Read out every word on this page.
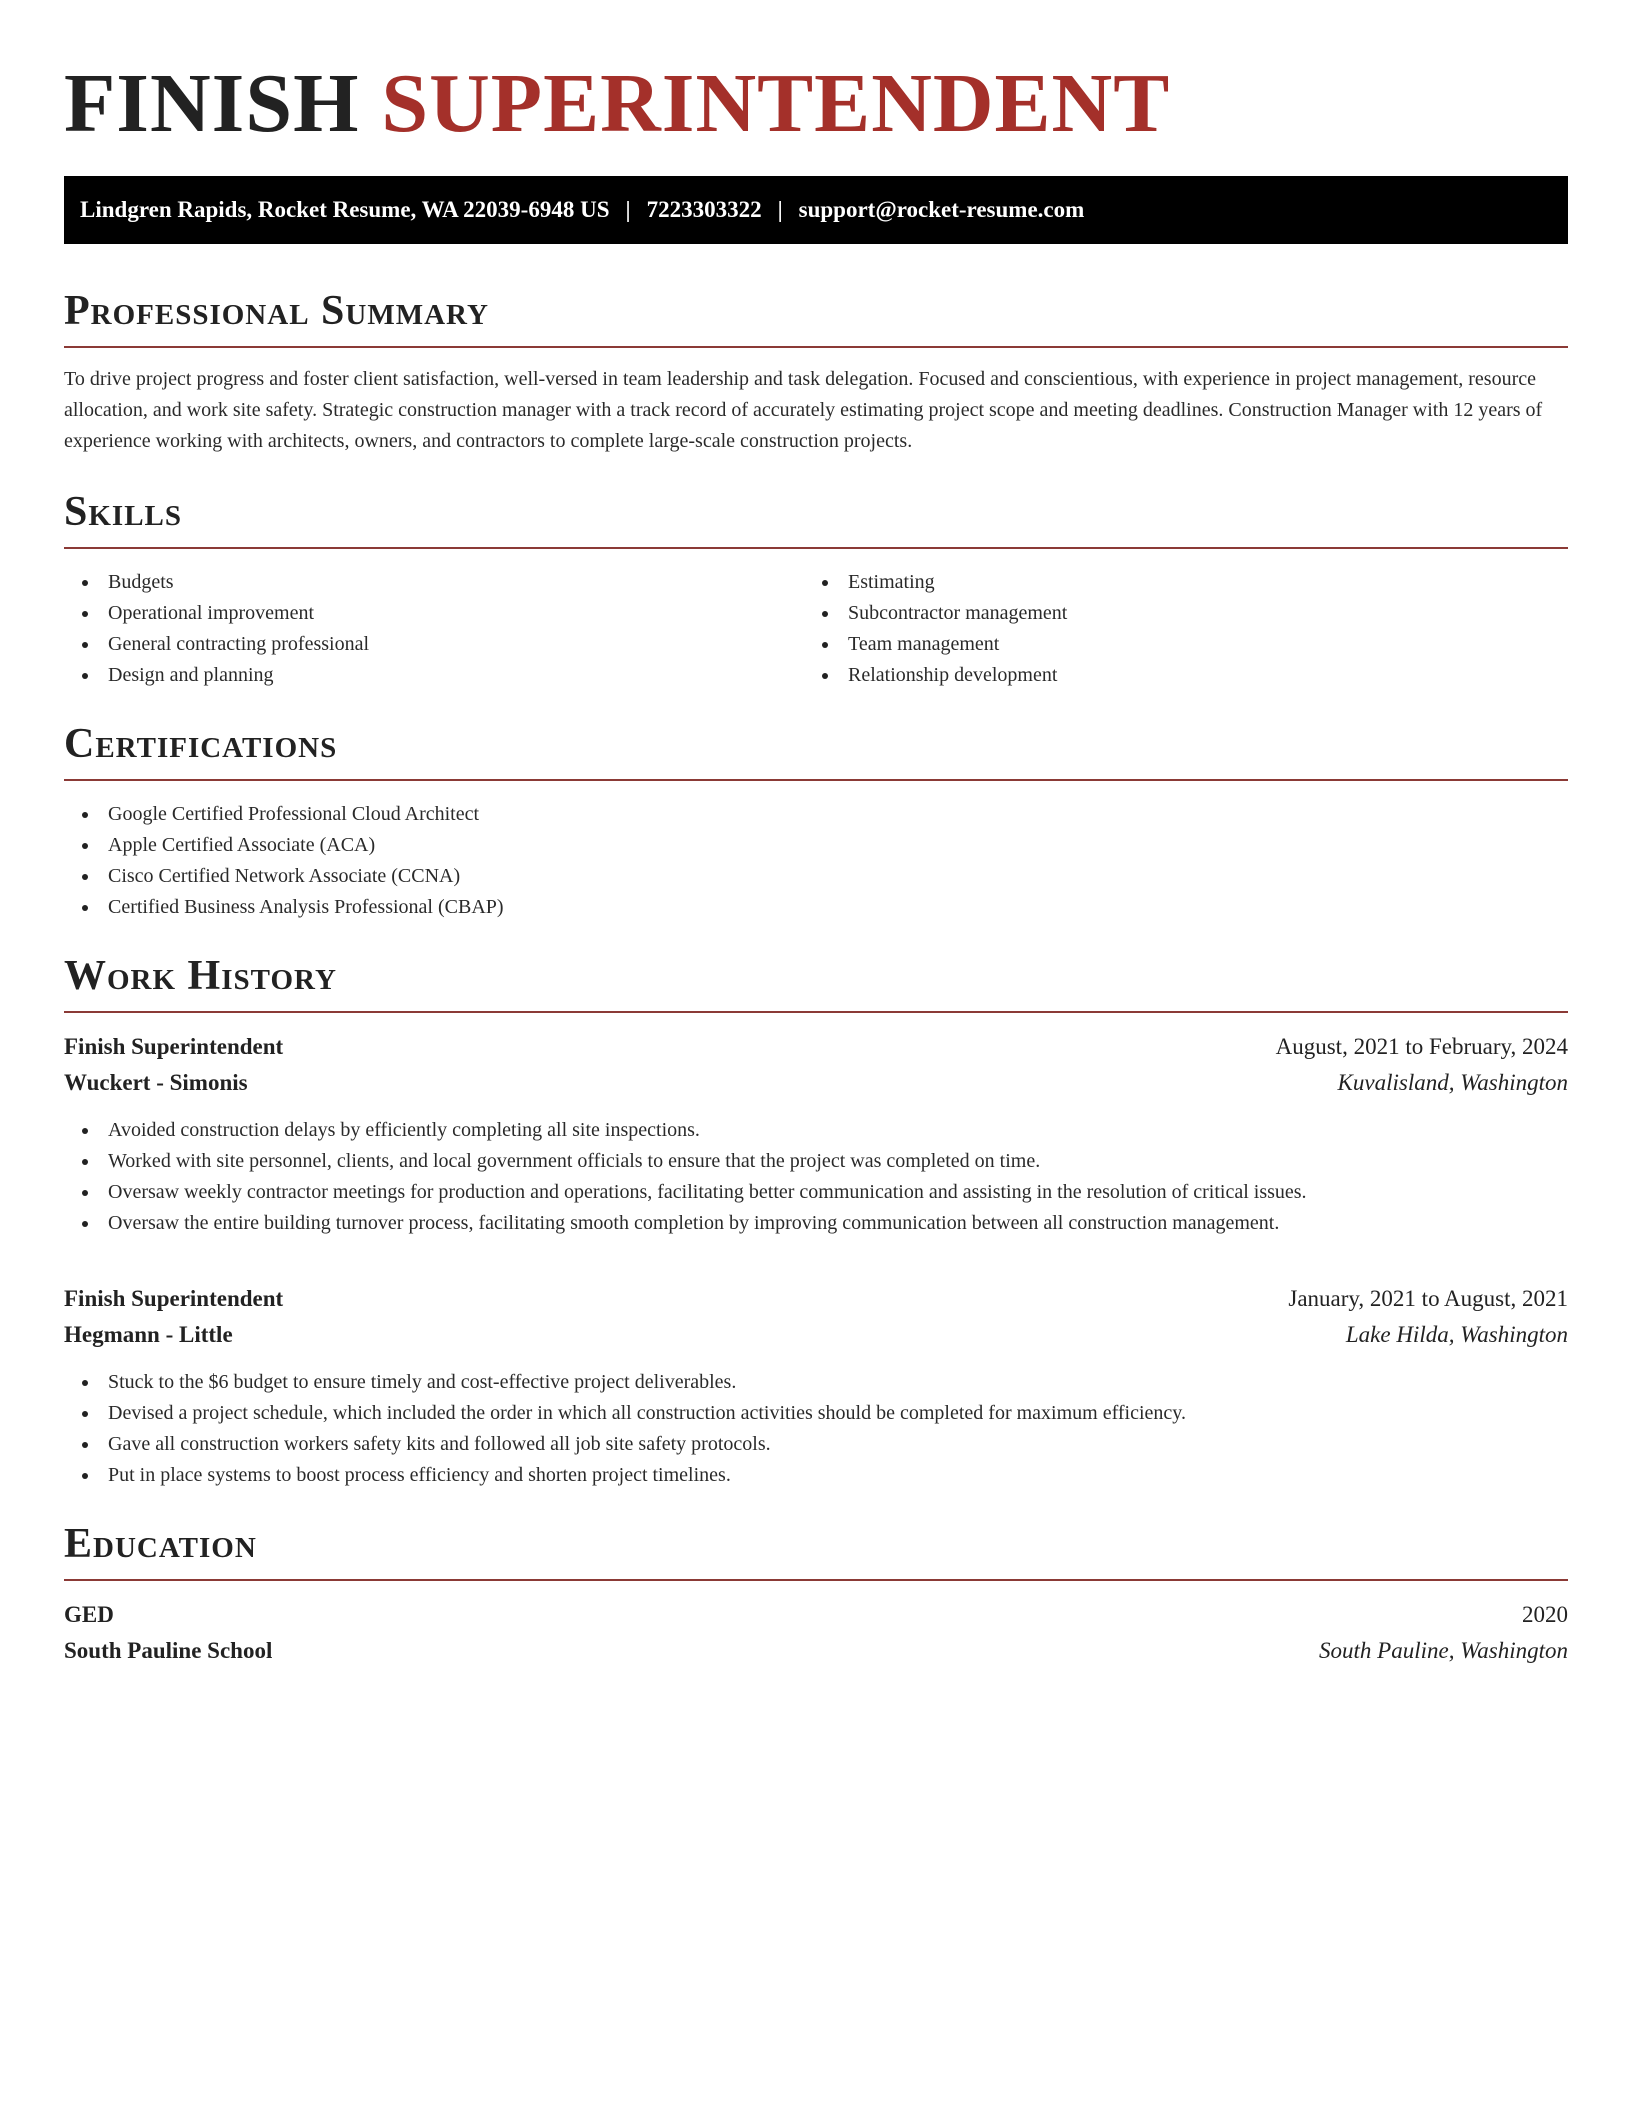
FINISH SUPERINTENDENT
Lindgren Rapids, Rocket Resume, WA 22039-6948 US | 7223303322 | support@rocket-resume.com
Professional Summary

To drive project progress and foster client satisfaction, well-versed in team leadership and task delegation. Focused and conscientious, with experience in project management, resource allocation, and work site safety. Strategic construction manager with a track record of accurately estimating project scope and meeting deadlines. Construction Manager with 12 years of experience working with architects, owners, and contractors to complete large-scale construction projects.

Skills
Budgets
Operational improvement
General contracting professional
Design and planning
Estimating
Subcontractor management
Team management
Relationship development
Certifications
Google Certified Professional Cloud Architect
Apple Certified Associate (ACA)
Cisco Certified Network Associate (CCNA)
Certified Business Analysis Professional (CBAP)
Work History
Finish Superintendent	August, 2021 to February, 2024
Wuckert - Simonis	Kuvalisland, Washington
Avoided construction delays by efficiently completing all site inspections.
Worked with site personnel, clients, and local government officials to ensure that the project was completed on time.
Oversaw weekly contractor meetings for production and operations, facilitating better communication and assisting in the resolution of critical issues.
Oversaw the entire building turnover process, facilitating smooth completion by improving communication between all construction management.
Finish Superintendent	January, 2021 to August, 2021
Hegmann - Little	Lake Hilda, Washington
Stuck to the $6 budget to ensure timely and cost-effective project deliverables.
Devised a project schedule, which included the order in which all construction activities should be completed for maximum efficiency.
Gave all construction workers safety kits and followed all job site safety protocols.
Put in place systems to boost process efficiency and shorten project timelines.
Education
GED	2020
South Pauline School	South Pauline, Washington
